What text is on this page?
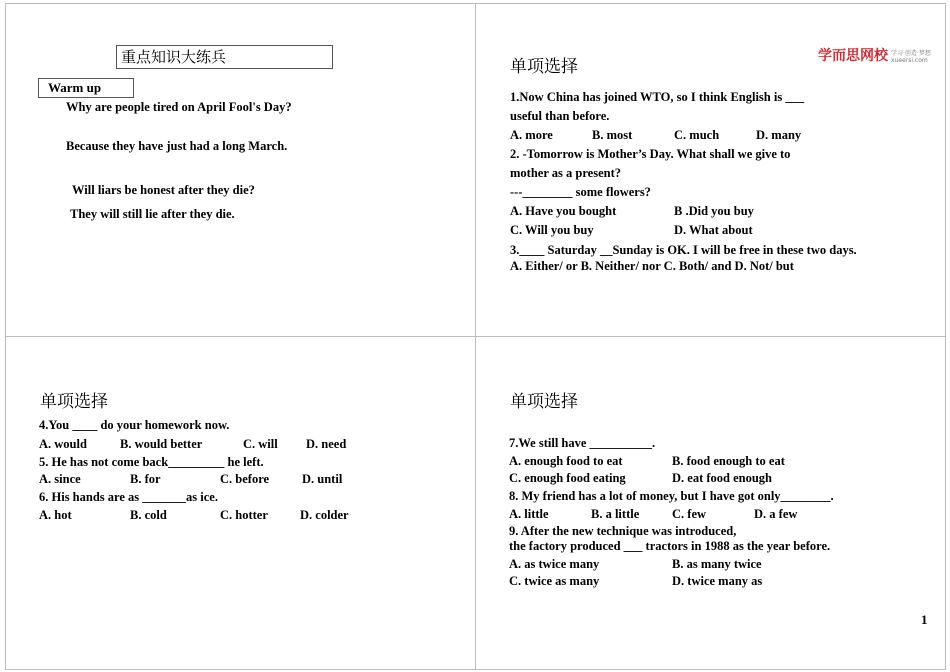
重点知识大练兵
Warm up
Why are people tired on April Fool's Day?
Because they have just had a long March.
Will liars be honest after they die?
They will still lie after they die.
学而思网校 学习·创造·梦想
xueersi.com
单项选择
1.Now China has joined WTO, so I think English is ___
useful than before.
A. more	B. most	C. much	D. many
2. -Tomorrow is Mother’s Day. What shall we give to
mother as a present?
---________ some flowers?
A. Have you bought	B .Did you buy
C. Will you buy	D. What about
3.____ Saturday __Sunday is OK. I will be free in these two days.
A. Either/ or B. Neither/ nor C. Both/ and D. Not/ but
单项选择
4.You ____ do your homework now.
A. would	B. would better	C. will D. need
5. He has not come back_________ he left.
A. since	B. for	C. before	D. until
6. His hands are as _______as ice.
A. hot	B. cold	C. hotter	D. colder
单项选择
7.We still have __________.
A. enough food to eat	B. food enough to eat
C. enough food eating	D. eat food enough
8. My friend has a lot of money, but I have got only________.
A. little	B. a little	C. few	D. a few
9. After the new technique was introduced,
the factory produced ___ tractors in 1988 as the year before.
A. as twice many	B. as many twice
C. twice as many	D. twice many as
1
